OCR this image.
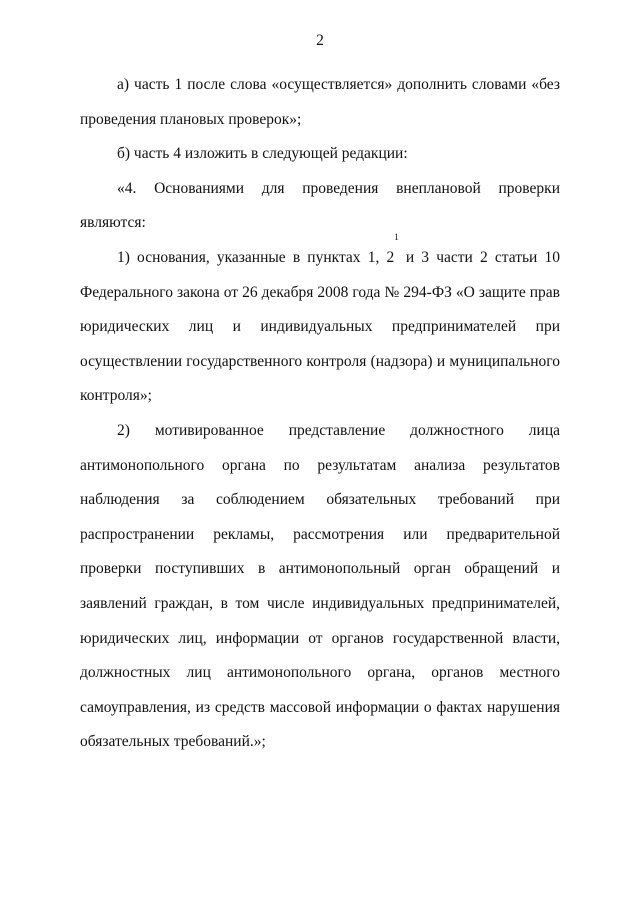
2

а) часть 1 после слова «осуществляется» дополнить словами «без проведения плановых проверок»;

б) часть 4 изложить в следующей редакции:

«4. Основаниями для проведения внеплановой проверки являются:

1) основания, указанные в пунктах 1, $2^1$ и 3 части 2 статьи 10 Федерального закона от 26 декабря 2008 года № 294-ФЗ «О защите прав юридических лиц и индивидуальных предпринимателей при осуществлении государственного контроля (надзора) и муниципального контроля»;

2) мотивированное представление должностного лица антимонопольного органа по результатам анализа результатов наблюдения за соблюдением обязательных требований при распространении рекламы, рассмотрения или предварительной проверки поступивших в антимонопольный орган обращений и заявлений граждан, в том числе индивидуальных предпринимателей, юридических лиц, информации от органов государственной власти, должностных лиц антимонопольного органа, органов местного самоуправления, из средств массовой информации о фактах нарушения обязательных требований.»;
